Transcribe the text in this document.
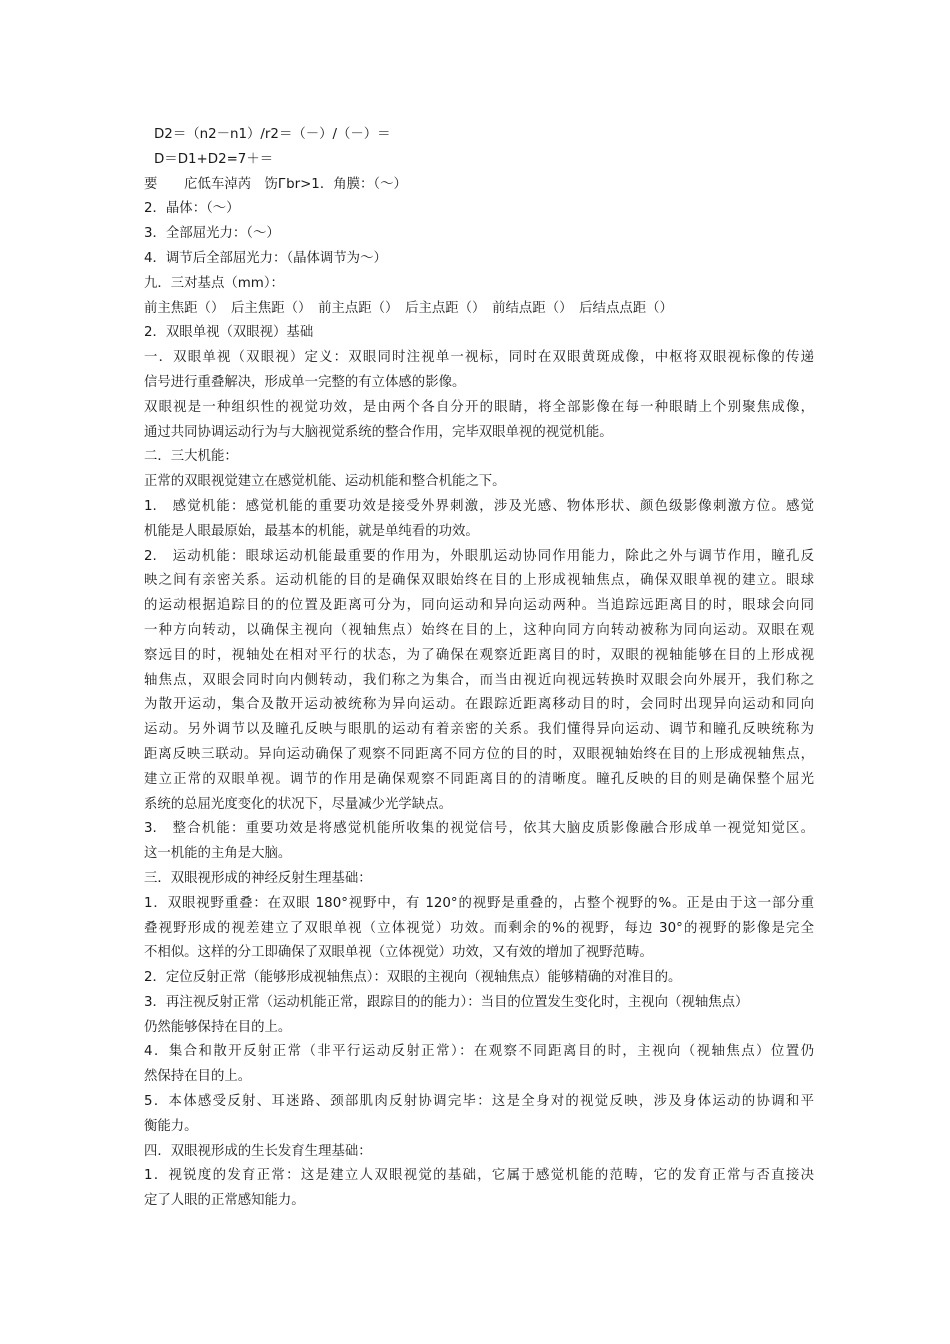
D2＝（n2－n1）/r2＝（－）/（－）＝
D＝D1+D2=7＋＝
要　　庀低车淖芮　饬Гbr>1．角膜：（～）
2．晶体：（～）
3．全部屈光力：（～）
4．调节后全部屈光力：（晶体调节为～）
九．三对基点（mm）：
前主焦距（）　后主焦距（）　前主点距（）　后主点距（）　前结点距（）　后结点点距（）
2．双眼单视（双眼视）基础
一．双眼单视（双眼视）定义：双眼同时注视单一视标，同时在双眼黄斑成像，中枢将双眼视标像的传递
信号进行重叠解决，形成单一完整的有立体感的影像。
双眼视是一种组织性的视觉功效，是由两个各自分开的眼睛，将全部影像在每一种眼睛上个别聚焦成像，
通过共同协调运动行为与大脑视觉系统的整合作用，完毕双眼单视的视觉机能。
二．三大机能：
正常的双眼视觉建立在感觉机能、运动机能和整合机能之下。
1.　感觉机能：感觉机能的重要功效是接受外界刺激，涉及光感、物体形状、颜色级影像刺激方位。感觉
机能是人眼最原始，最基本的机能，就是单纯看的功效。
2.　运动机能：眼球运动机能最重要的作用为，外眼肌运动协同作用能力，除此之外与调节作用，瞳孔反
映之间有亲密关系。运动机能的目的是确保双眼始终在目的上形成视轴焦点，确保双眼单视的建立。眼球
的运动根据追踪目的的位置及距离可分为，同向运动和异向运动两种。当追踪远距离目的时，眼球会向同
一种方向转动，以确保主视向（视轴焦点）始终在目的上，这种向同方向转动被称为同向运动。双眼在观
察远目的时，视轴处在相对平行的状态，为了确保在观察近距离目的时，双眼的视轴能够在目的上形成视
轴焦点，双眼会同时向内侧转动，我们称之为集合，而当由视近向视远转换时双眼会向外展开，我们称之
为散开运动，集合及散开运动被统称为异向运动。在跟踪近距离移动目的时，会同时出现异向运动和同向
运动。另外调节以及瞳孔反映与眼肌的运动有着亲密的关系。我们懂得异向运动、调节和瞳孔反映统称为
距离反映三联动。异向运动确保了观察不同距离不同方位的目的时，双眼视轴始终在目的上形成视轴焦点，
建立正常的双眼单视。调节的作用是确保观察不同距离目的的清晰度。瞳孔反映的目的则是确保整个屈光
系统的总屈光度变化的状况下，尽量减少光学缺点。
3.　整合机能：重要功效是将感觉机能所收集的视觉信号，依其大脑皮质影像融合形成单一视觉知觉区。
这一机能的主角是大脑。
三．双眼视形成的神经反射生理基础：
1．双眼视野重叠：在双眼 180°视野中，有 120°的视野是重叠的，占整个视野的%。正是由于这一部分重
叠视野形成的视差建立了双眼单视（立体视觉）功效。而剩余的%的视野，每边 30°的视野的影像是完全
不相似。这样的分工即确保了双眼单视（立体视觉）功效，又有效的增加了视野范畴。
2．定位反射正常（能够形成视轴焦点）：双眼的主视向（视轴焦点）能够精确的对准目的。
3．再注视反射正常（运动机能正常，跟踪目的的能力）：当目的位置发生变化时，主视向（视轴焦点）
仍然能够保持在目的上。
4．集合和散开反射正常（非平行运动反射正常）：在观察不同距离目的时，主视向（视轴焦点）位置仍
然保持在目的上。
5．本体感受反射、耳迷路、颈部肌肉反射协调完毕：这是全身对的视觉反映，涉及身体运动的协调和平
衡能力。
四．双眼视形成的生长发育生理基础：
1．视锐度的发育正常：这是建立人双眼视觉的基础，它属于感觉机能的范畴，它的发育正常与否直接决
定了人眼的正常感知能力。
